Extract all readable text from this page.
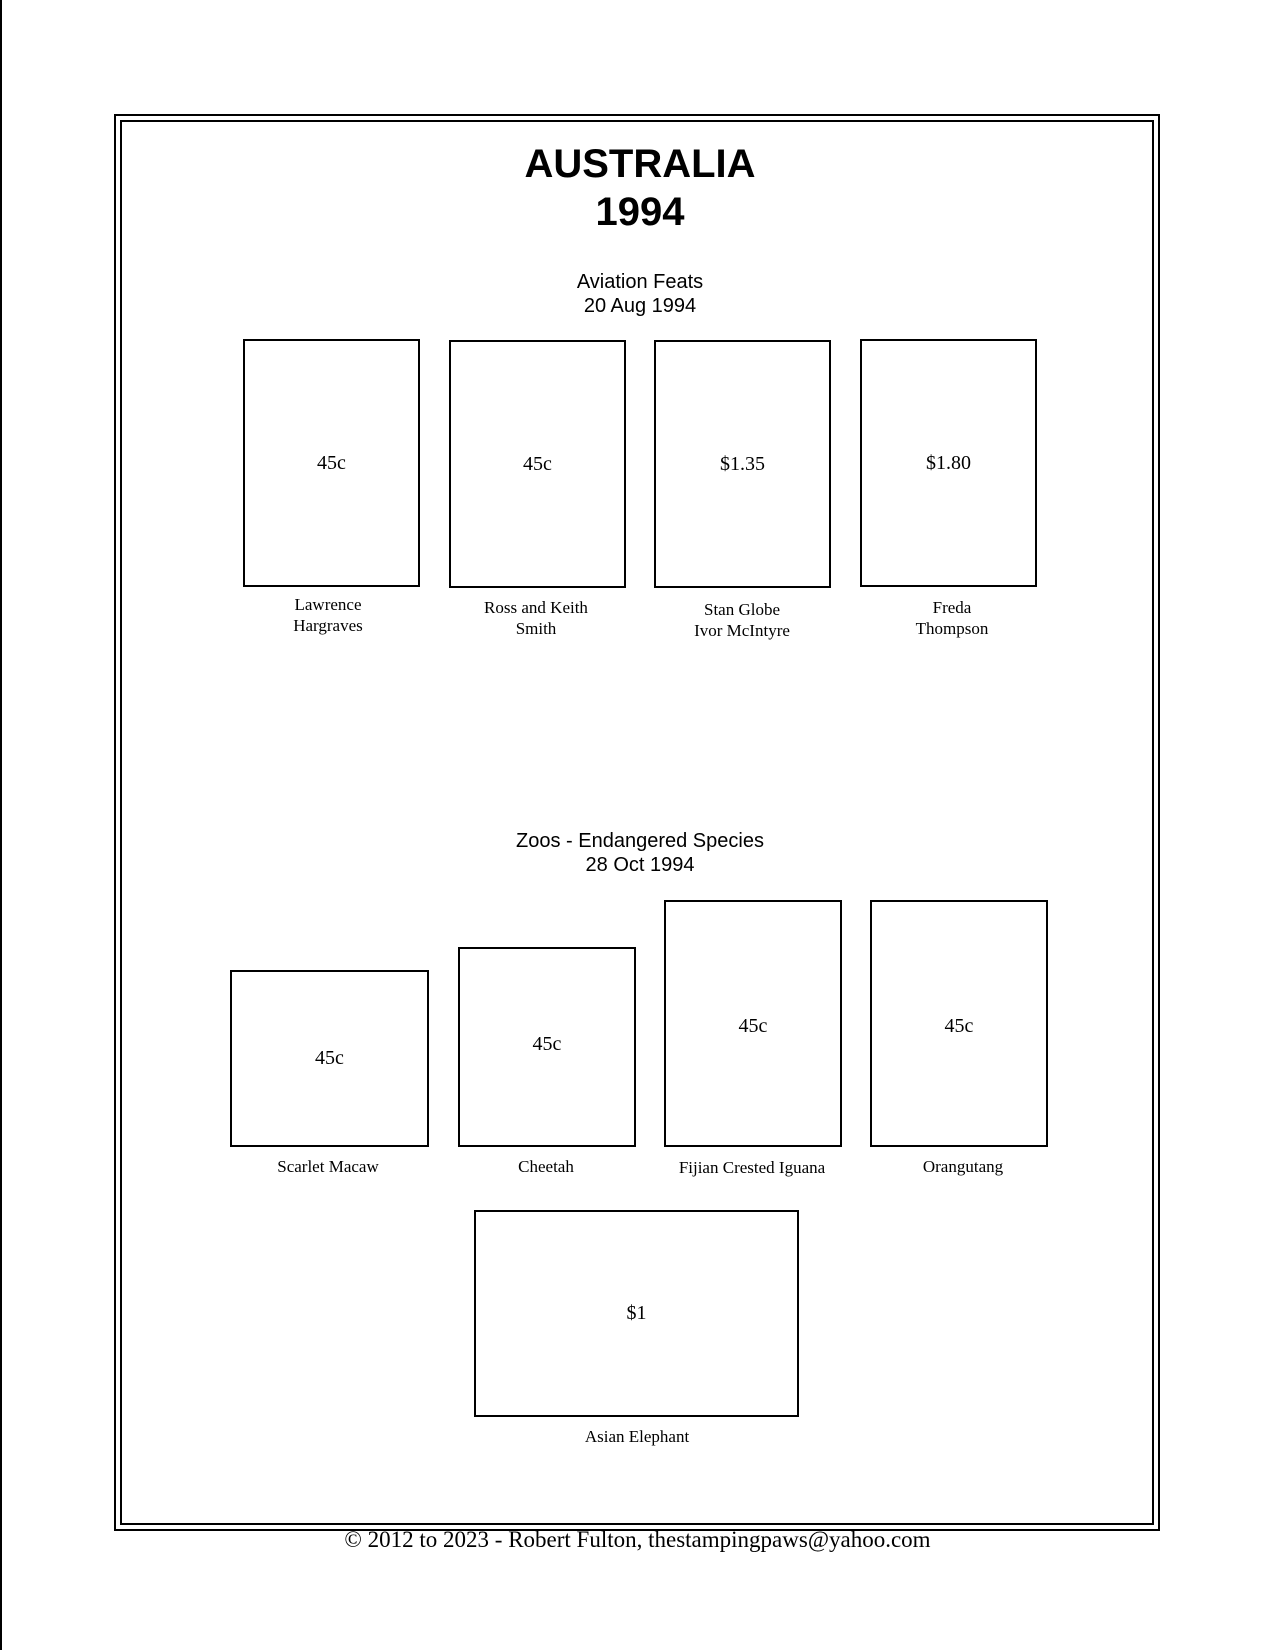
AUSTRALIA
1994
Aviation Feats
20 Aug 1994
45c	45c	$1.35	$1.80
Lawrence
Hargraves
Ross and Keith
Smith
Stan Globe
Ivor McIntyre
Freda
Thompson
Zoos - Endangered Species
28 Oct 1994
45c
45c
45c	45c
Scarlet Macaw	Cheetah	Fijian Crested Iguana	Orangutang
$1
Asian Elephant
© 2012 to 2023 - Robert Fulton, thestampingpaws@yahoo.com
